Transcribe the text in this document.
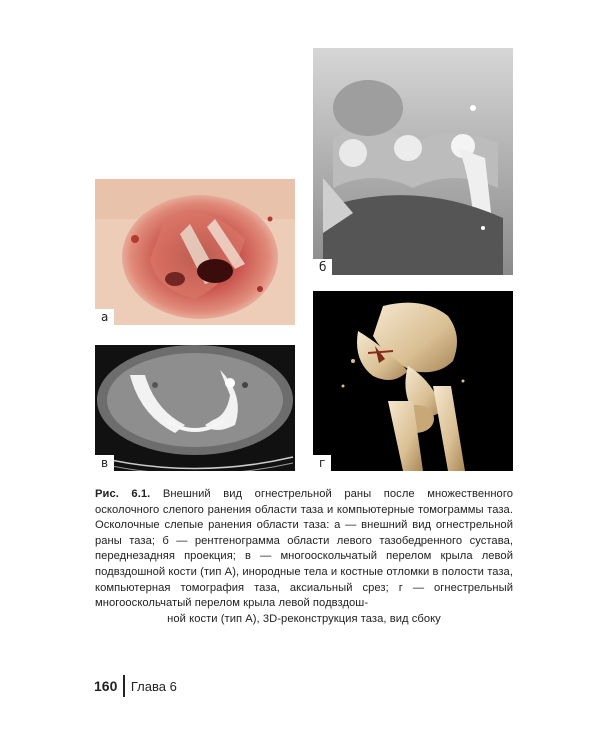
а
б
в	г
Рис. 6.1. Внешний вид огнестрельной раны после множественного осколочного слепого ранения области таза и компьютерные томограммы таза. Осколочные слепые ранения области таза: а — внешний вид огнестрельной раны таза; б — рентгенограмма области левого тазобедренного сустава, переднезадняя проекция; в — многооскольчатый перелом крыла левой подвздошной кости (тип А), инородные тела и костные отломки в полости таза, компьютерная томография таза, аксиальный срез; г — огнестрельный многооскольчатый перелом крыла левой подвздош-
ной кости (тип А), 3D-реконструкция таза, вид сбоку
160 Глава 6
